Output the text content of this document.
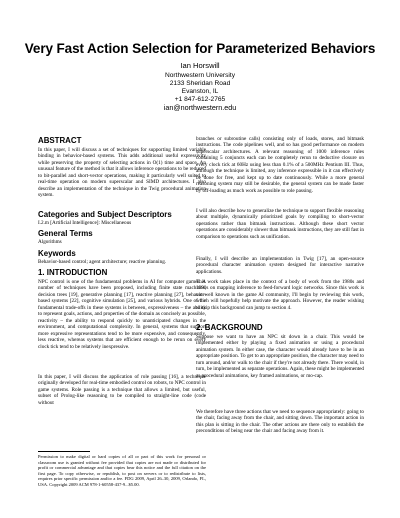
Very Fast Action Selection for Parameterized Behaviors
Ian Horswill
Northwestern University
2133 Sheridan Road
Evanston, IL
+1 847-612-2765
ian@northwestern.edu
ABSTRACT

In this paper, I will discuss a set of techniques for supporting limited variable binding in behavior-based systems. This adds additional useful expressivity while preserving the property of selecting actions in O(1) time and space. An unusual feature of the method is that it allows inference operations to be reduced to bit-parallel and short-vector operations, making it particularly well suited to real-time operation on modern superscalar and SIMD architectures. I also describe an implementation of the technique in the Twig procedural animation system.

Categories and Subject Descriptors

I.2.m [Artificial Intelligence]: Miscellaneous

General Terms

Algorithms

Keywords

Behavior-based control; agent architecture; reactive planning.

1. INTRODUCTION

NPC control is one of the fundamental problems in AI for computer games. A number of techniques have been proposed, including finite state machines, decision trees [19], generative planning [17], reactive planning [27], behavior-based systems [22], cognitive simulation [25], and various hybrids. One of the fundamental trade-offs in these systems is between, expressiveness – the ability to represent goals, actions, and properties of the domain as concisely as possible, reactivity – the ability to respond quickly to unanticipated changes in the environment, and computational complexity. In general, systems that support more expressive representations tend to be more expensive, and consequently, less reactive, whereas systems that are efficient enough to be rerun on every clock tick tend to be relatively inexpressive.

In this paper, I will discuss the application of role passing [16], a technique originally developed for real-time embodied control on robots, to NPC control in game systems. Role passing is a technique that allows a limited, but useful, subset of Prolog-like reasoning to be compiled to straight-line code (code without

Permission to make digital or hard copies of all or part of this work for personal or classroom use is granted without fee provided that copies are not made or distributed for profit or commercial advantage and that copies bear this notice and the full citation on the first page. To copy otherwise, or republish, to post on servers or to redistribute to lists, requires prior specific permission and/or a fee. FDG 2009, April 26–30, 2009, Orlando, FL, USA. Copyright 2009 ACM 978-1-60558-437-9...$5.00.

branches or subroutine calls) consisting only of loads, stores, and bitmask instructions. The code pipelines well, and so has good performance on modern superscalar architectures. A relevant reasoning of 1000 inference rules containing 5 conjuncts each can be completely rerun to deductive closure on every clock tick at 60Hz using less than 0.1% of a 500MHz Pentium III. Thus, although the technique is limited, any inference expressible in it can effectively be done for free, and kept up to date continuously. While a more general reasoning system may still be desirable, the general system can be made faster by off-loading as much work as possible to role passing.

I will also describe how to generalize the technique to support flexible reasoning about multiple, dynamically prioritized goals by compiling to short-vector operations rather than bitmask instructions. Although these short vector operations are considerably slower than bitmask instructions, they are still fast in comparison to operations such as unification.

Finally, I will describe an implementation in Twig [17], an open-source procedural character animation system designed for interactive narrative applications.

This work takes place in the context of a body of work from the 1980s and 1990s on mapping inference to feed-forward logic networks. Since this work is not well known in the game AI community, I'll begin by reviewing this work, which will hopefully help motivate the approach. However, the reader wishing to skip this background can jump to section 4.

2. BACKGROUND

Suppose we want to have an NPC sit down in a chair. This would be implemented either by playing a fixed animation or using a procedural animation system. In either case, the character would already have to be in an appropriate position. To get to an appropriate position, the character may need to turn around, and/or walk to the chair if they're not already there. There would, in turn, be implemented as separate operations. Again, these might be implemented as procedural animations, key framed animations, or mo-cap.

We therefore have three actions that we need to sequence appropriately: going to the chair, facing away from the chair, and sitting down. The important action in this plan is sitting in the chair. The other actions are there only to establish the preconditions of being near the chair and facing away from it.
